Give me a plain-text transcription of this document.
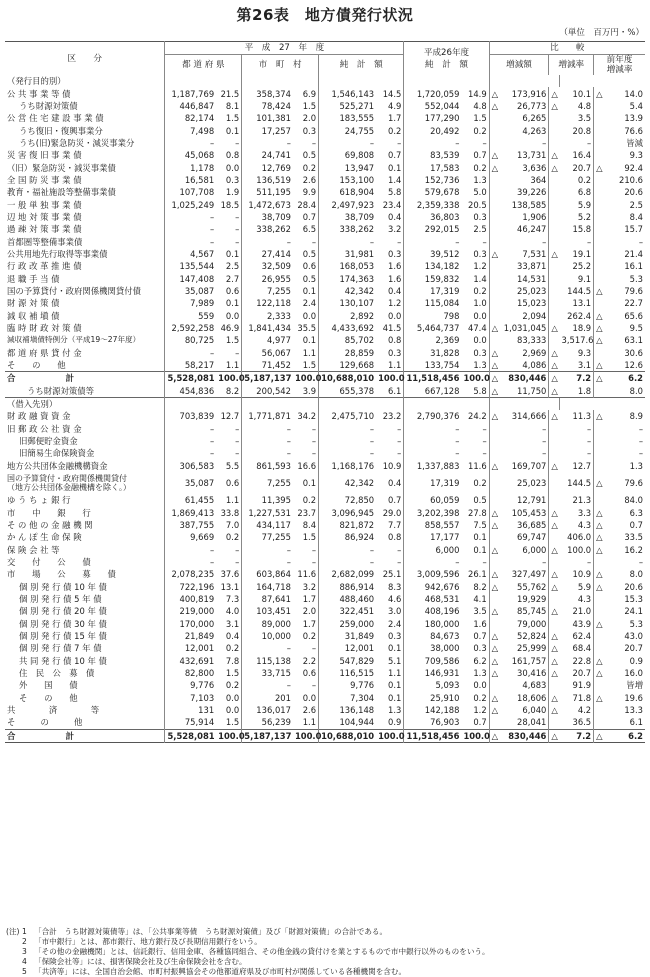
第26表　地方債発行状況
（単位　百万円・%）
区　　分	平　成　27　年　度						平成26年度
純　計　額		比　　較					
	都 道 府 県		市　町　村		純　計　額				増減額		増減率		前年度
増減率	

（発行目的別）														
公 共 事 業 等 債	1,187,769	21.5	358,374	6.9	1,546,143	14.5	1,720,059	14.9	△	173,916	△	10.1	△	14.0
うち財源対策債	446,847	8.1	78,424	1.5	525,271	4.9	552,044	4.8	△	26,773	△	4.8		5.4
公 営 住 宅 建 設 事 業 債	82,174	1.5	101,381	2.0	183,555	1.7	177,290	1.5		6,265		3.5		13.9
うち復旧・復興事業分	7,498	0.1	17,257	0.3	24,755	0.2	20,492	0.2		4,263		20.8		76.6
うち(旧)緊急防災・減災事業分	–	–	–	–	–	–	–	–		–		–		皆減
災 害 復 旧 事 業 債	45,068	0.8	24,741	0.5	69,808	0.7	83,539	0.7	△	13,731	△	16.4		9.3
（旧）緊急防災・減災事業債	1,178	0.0	12,769	0.2	13,947	0.1	17,583	0.2	△	3,636	△	20.7	△	92.4
全 国 防 災 事 業 債	16,581	0.3	136,519	2.6	153,100	1.4	152,736	1.3		364		0.2		210.6
教育・福祉施設等整備事業債	107,708	1.9	511,195	9.9	618,904	5.8	579,678	5.0		39,226		6.8		20.6
一 般 単 独 事 業 債	1,025,249	18.5	1,472,673	28.4	2,497,923	23.4	2,359,338	20.5		138,585		5.9		2.5
辺 地 対 策 事 業 債	–	–	38,709	0.7	38,709	0.4	36,803	0.3		1,906		5.2		8.4
過 疎 対 策 事 業 債	–	–	338,262	6.5	338,262	3.2	292,015	2.5		46,247		15.8		15.7
首都圏等整備事業債	–	–	–	–	–	–	–	–		–		–		–
公共用地先行取得等事業債	4,567	0.1	27,414	0.5	31,981	0.3	39,512	0.3	△	7,531	△	19.1		21.4
行 政 改 革 推 進 債	135,544	2.5	32,509	0.6	168,053	1.6	134,182	1.2		33,871		25.2		16.1
退 職 手 当 債	147,408	2.7	26,955	0.5	174,363	1.6	159,832	1.4		14,531		9.1		5.3
国の予算貸付・政府関係機関貸付債	35,087	0.6	7,255	0.1	42,342	0.4	17,319	0.2		25,023		144.5	△	79.6
財 源 対 策 債	7,989	0.1	122,118	2.4	130,107	1.2	115,084	1.0		15,023		13.1		22.7
減 収 補 塡 債	559	0.0	2,333	0.0	2,892	0.0	798	0.0		2,094		262.4	△	65.6
臨 時 財 政 対 策 債	2,592,258	46.9	1,841,434	35.5	4,433,692	41.5	5,464,737	47.4	△	1,031,045	△	18.9	△	9.5
減収補塡債特例分（平成19～27年度）	80,725	1.5	4,977	0.1	85,702	0.8	2,369	0.0		83,333		3,517.6	△	63.1
都 道 府 県 貸 付 金	–	–	56,067	1.1	28,859	0.3	31,828	0.3	△	2,969	△	9.3		30.6
そ　　の　　他	58,217	1.1	71,452	1.5	129,668	1.1	133,754	1.3	△	4,086	△	3.1	△	12.6
合　　　　　　計	5,528,081	100.0	5,187,137	100.0	10,688,010	100.0	11,518,456	100.0	△	830,446	△	7.2	△	6.2
うち財源対策債等	454,836	8.2	200,542	3.9	655,378	6.1	667,128	5.8	△	11,750	△	1.8		8.0
（借入先別）														
財 政 融 資 資 金	703,839	12.7	1,771,871	34.2	2,475,710	23.2	2,790,376	24.2	△	314,666	△	11.3	△	8.9
旧 郵 政 公 社 資 金	–	–	–	–	–	–	–	–		–		–		–
旧郵便貯金資金	–	–	–	–	–	–	–	–		–		–		–
旧簡易生命保険資金	–	–	–	–	–	–	–	–		–		–		–
地方公共団体金融機構資金	306,583	5.5	861,593	16.6	1,168,176	10.9	1,337,883	11.6	△	169,707	△	12.7		1.3

国の予算貸付・政府関係機関貸付
（地方公共団体金融機構を除く。）	35,087	0.6	7,255	0.1	42,342	0.4	17,319	0.2		25,023		144.5	△	79.6
ゆ う ち ょ 銀 行	61,455	1.1	11,395	0.2	72,850	0.7	60,059	0.5		12,791		21.3		84.0
市　　中　　銀　　行	1,869,413	33.8	1,227,531	23.7	3,096,945	29.0	3,202,398	27.8	△	105,453	△	3.3	△	6.3
そ の 他 の 金 融 機 関	387,755	7.0	434,117	8.4	821,872	7.7	858,557	7.5	△	36,685	△	4.3	△	0.7
か ん ぽ 生 命 保 険	9,669	0.2	77,255	1.5	86,924	0.8	17,177	0.1		69,747		406.0	△	33.5
保 険 会 社 等	–	–	–	–	–	–	6,000	0.1	△	6,000	△	100.0	△	16.2
交　　付　　公　　債	–	–	–	–	–	–	–	–		–		–		–
市　　場　　公　　募　　債	2,078,235	37.6	603,864	11.6	2,682,099	25.1	3,009,596	26.1	△	327,497	△	10.9	△	8.0
個 別 発 行 債 10 年 債	722,196	13.1	164,718	3.2	886,914	8.3	942,676	8.2	△	55,762	△	5.9	△	20.6
個 別 発 行 債 5 年 債	400,819	7.3	87,641	1.7	488,460	4.6	468,531	4.1		19,929		4.3		15.3
個 別 発 行 債 20 年 債	219,000	4.0	103,451	2.0	322,451	3.0	408,196	3.5	△	85,745	△	21.0		24.1
個 別 発 行 債 30 年 債	170,000	3.1	89,000	1.7	259,000	2.4	180,000	1.6		79,000		43.9	△	5.3
個 別 発 行 債 15 年 債	21,849	0.4	10,000	0.2	31,849	0.3	84,673	0.7	△	52,824	△	62.4		43.0
個 別 発 行 債 7 年 債	12,001	0.2	–	–	12,001	0.1	38,000	0.3	△	25,999	△	68.4		20.7
共 同 発 行 債 10 年 債	432,691	7.8	115,138	2.2	547,829	5.1	709,586	6.2	△	161,757	△	22.8	△	0.9
住　民　公　募　債	82,800	1.5	33,715	0.6	116,515	1.1	146,931	1.3	△	30,416	△	20.7	△	16.0
外　　国　　債	9,776	0.2	–	–	9,776	0.1	5,093	0.0		4,683		91.9		皆増
そ　　の　　他	7,103	0.0	201	0.0	7,304	0.1	25,910	0.2	△	18,606	△	71.8	△	19.6
共　　　　済　　　　等	131	0.0	136,017	2.6	136,148	1.3	142,188	1.2	△	6,040	△	4.2		13.3
そ　　　の　　　他	75,914	1.5	56,239	1.1	104,944	0.9	76,903	0.7		28,041		36.5		6.1
合　　　　　　計	5,528,081	100.0	5,187,137	100.0	10,688,010	100.0	11,518,456	100.0	△	830,446	△	7.2	△	6.2
(注) 1 「合計　うち財源対策債等」は、「公共事業等債　うち財源対策債」及び「財源対策債」の合計である。
2 「市中銀行」とは、都市銀行、地方銀行及び長期信用銀行をいう。
3 「その他の金融機関」とは、信託銀行、信用金庫、各種協同組合、その他金銭の貸付けを業とするもので市中銀行以外のものをいう。
4 「保険会社等」には、損害保険会社及び生命保険会社を含む。
5 「共済等」には、全国自治会館、市町村振興協会その他都道府県及び市町村が関係している各種機関を含む。
